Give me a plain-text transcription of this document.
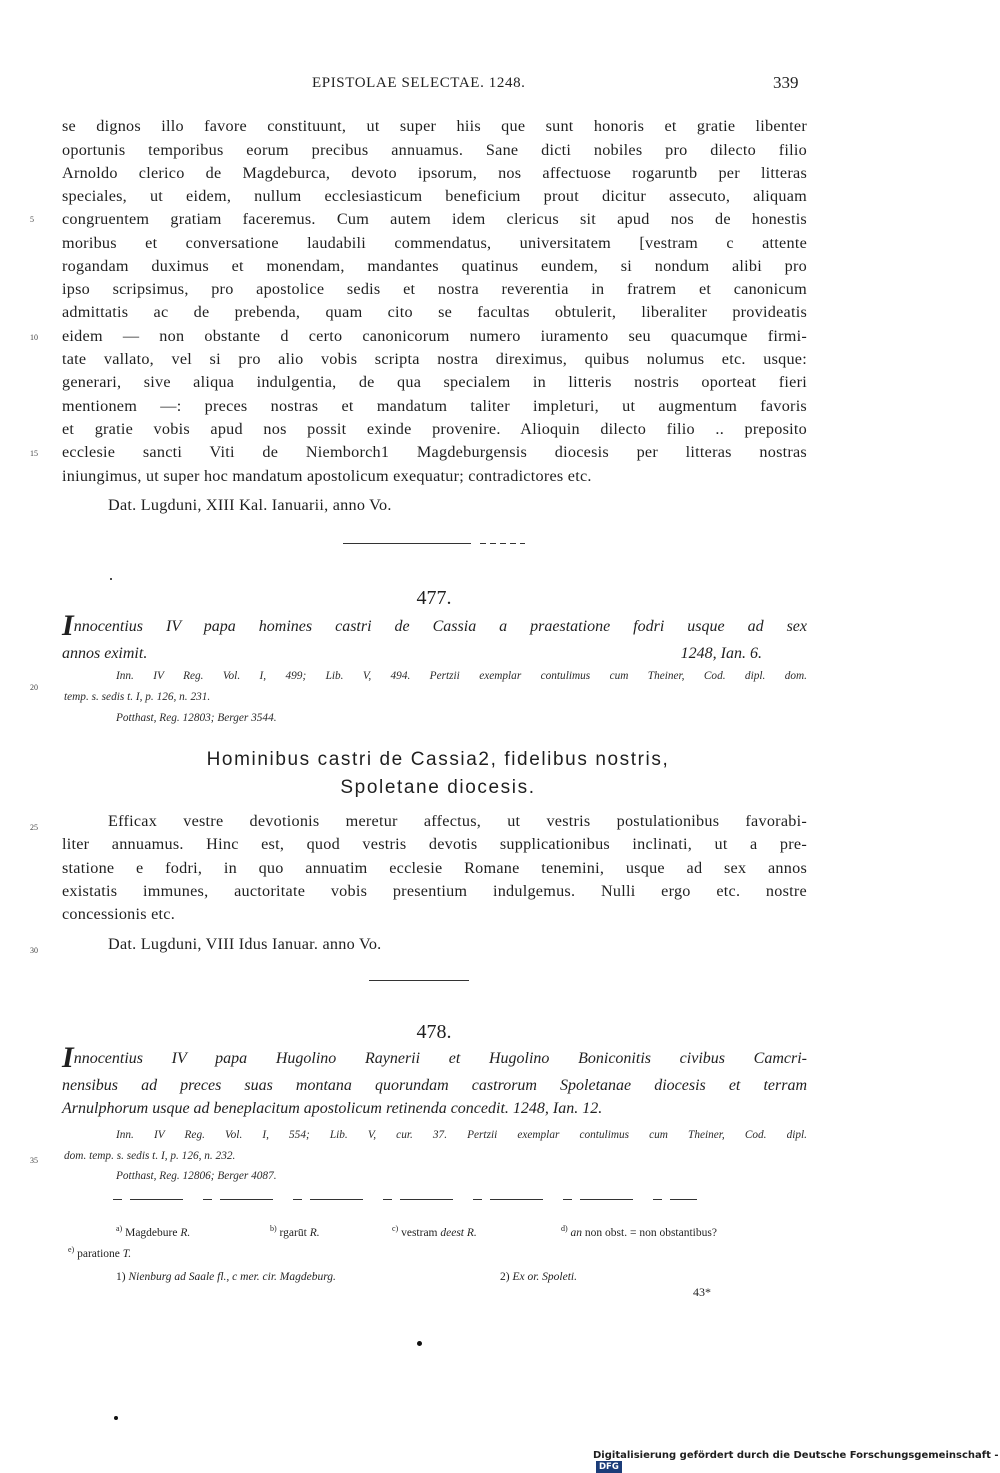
EPISTOLAE SELECTAE. 1248.	339
se dignos illo favore constituunt, ut super hiis que sunt honoris et gratie libenter
oportunis temporibus eorum precibus annuamus. Sane dicti nobiles pro dilecto filio
Arnoldo clerico de Magdeburca, devoto ipsorum, nos affectuose rogaruntb per litteras
speciales, ut eidem, nullum ecclesiasticum beneficium prout dicitur assecuto, aliquam
congruentem gratiam faceremus. Cum autem idem clericus sit apud nos de honestis
moribus et conversatione laudabili commendatus, universitatem [vestram c attente
rogandam duximus et monendam, mandantes quatinus eundem, si nondum alibi pro
ipso scripsimus, pro apostolice sedis et nostra reverentia in fratrem et canonicum
admittatis ac de prebenda, quam cito se facultas obtulerit, liberaliter provideatis
eidem — non obstante d certo canonicorum numero iuramento seu quacumque firmi-
tate vallato, vel si pro alio vobis scripta nostra direximus, quibus nolumus etc. usque:
generari, sive aliqua indulgentia, de qua specialem in litteris nostris oporteat fieri
mentionem —: preces nostras et mandatum taliter impleturi, ut augmentum favoris
et gratie vobis apud nos possit exinde provenire. Alioquin dilecto filio .. preposito
ecclesie sancti Viti de Niemborch1 Magdeburgensis diocesis per litteras nostras
iniungimus, ut super hoc mandatum apostolicum exequatur; contradictores etc.
Dat. Lugduni, XIII Kal. Ianuarii, anno Vo.
5
10
15
20
25
30
35
477.
Innocentius IV papa homines castri de Cassia a praestatione fodri usque ad sex
annos eximit.	1248, Ian. 6.
Inn. IV Reg. Vol. I, 499; Lib. V, 494. Pertzii exemplar contulimus cum Theiner, Cod. dipl. dom.
temp. s. sedis t. I, p. 126, n. 231.
Potthast, Reg. 12803; Berger 3544.
Hominibus castri de Cassia2, fidelibus nostris,
Spoletane diocesis.
Efficax vestre devotionis meretur affectus, ut vestris postulationibus favorabi-
liter annuamus. Hinc est, quod vestris devotis supplicationibus inclinati, ut a pre-
statione e fodri, in quo annuatim ecclesie Romane tenemini, usque ad sex annos
existatis immunes, auctoritate vobis presentium indulgemus. Nulli ergo etc. nostre
concessionis etc.
Dat. Lugduni, VIII Idus Ianuar. anno Vo.
478.
Innocentius IV papa Hugolino Raynerii et Hugolino Boniconitis civibus Camcri-
nensibus ad preces suas montana quorundam castrorum Spoletanae diocesis et terram
Arnulphorum usque ad beneplacitum apostolicum retinenda concedit. 1248, Ian. 12.
Inn. IV Reg. Vol. I, 554; Lib. V, cur. 37. Pertzii exemplar contulimus cum Theiner, Cod. dipl.
dom. temp. s. sedis t. I, p. 126, n. 232.
Potthast, Reg. 12806; Berger 4087.
$^{a)}$ Magdebure R.	$^{b)}$ rgarūt R.	$^{c)}$ vestram deest R.	$^{d)}$ an non obst. = non obstantibus?
$^{e)}$ paratione T.
1) Nienburg ad Saale fl., c mer. cir. Magdeburg.	2) Ex or. Spoleti.
43*
Digitalisierung gefördert durch die Deutsche Forschungsgemeinschaft -DFG
